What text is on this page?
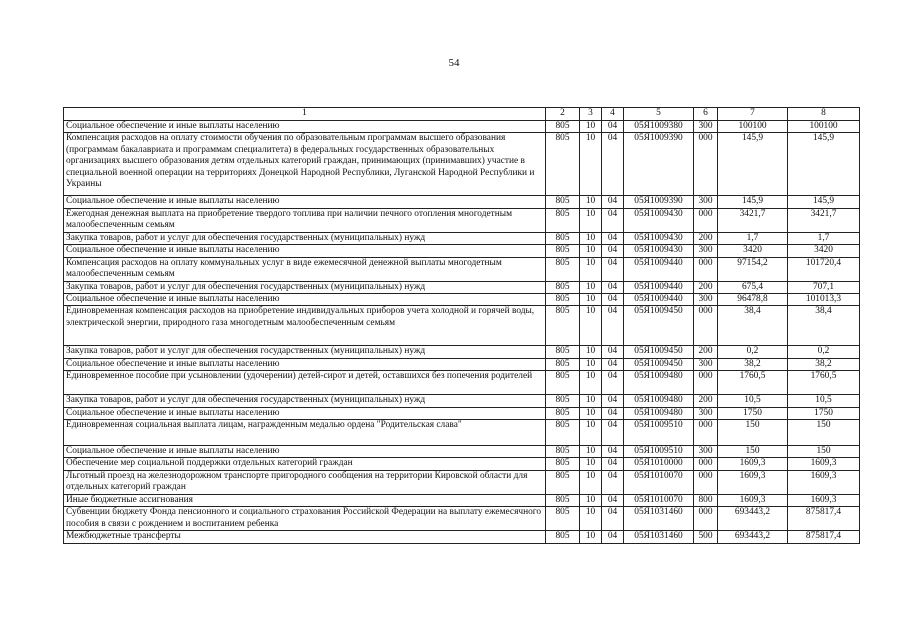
54
1	2	3	4	5	6	7	8
Социальное обеспечение и иные выплаты населению	805	10	04	05Я1009380	300	100100	100100
Компенсация расходов на оплату стоимости обучения по образовательным программам высшего образования (программам бакалавриата и программам специалитета) в федеральных государственных образовательных организациях высшего образования детям отдельных категорий граждан, принимающих (принимавших) участие в специальной военной операции на территориях Донецкой Народной Республики, Луганской Народной Республики и Украины	805	10	04	05Я1009390	000	145,9	145,9
Социальное обеспечение и иные выплаты населению	805	10	04	05Я1009390	300	145,9	145,9
Ежегодная денежная выплата на приобретение твердого топлива при наличии печного отопления многодетным малообеспеченным семьям	805	10	04	05Я1009430	000	3421,7	3421,7
Закупка товаров, работ и услуг для обеспечения государственных (муниципальных) нужд	805	10	04	05Я1009430	200	1,7	1,7
Социальное обеспечение и иные выплаты населению	805	10	04	05Я1009430	300	3420	3420
Компенсация расходов на оплату коммунальных услуг в виде ежемесячной денежной выплаты многодетным малообеспеченным семьям	805	10	04	05Я1009440	000	97154,2	101720,4
Закупка товаров, работ и услуг для обеспечения государственных (муниципальных) нужд	805	10	04	05Я1009440	200	675,4	707,1
Социальное обеспечение и иные выплаты населению	805	10	04	05Я1009440	300	96478,8	101013,3
Единовременная компенсация расходов на приобретение индивидуальных приборов учета холодной и горячей воды, электрической энергии, природного газа многодетным малообеспеченным семьям	805	10	04	05Я1009450	000	38,4	38,4
Закупка товаров, работ и услуг для обеспечения государственных (муниципальных) нужд	805	10	04	05Я1009450	200	0,2	0,2
Социальное обеспечение и иные выплаты населению	805	10	04	05Я1009450	300	38,2	38,2
Единовременное пособие при усыновлении (удочерении) детей-сирот и детей, оставшихся без попечения родителей	805	10	04	05Я1009480	000	1760,5	1760,5
Закупка товаров, работ и услуг для обеспечения государственных (муниципальных) нужд	805	10	04	05Я1009480	200	10,5	10,5
Социальное обеспечение и иные выплаты населению	805	10	04	05Я1009480	300	1750	1750
Единовременная социальная выплата лицам, награжденным медалью ордена "Родительская слава"	805	10	04	05Я1009510	000	150	150
Социальное обеспечение и иные выплаты населению	805	10	04	05Я1009510	300	150	150
Обеспечение мер социальной поддержки отдельных категорий граждан	805	10	04	05Я1010000	000	1609,3	1609,3
Льготный проезд на железнодорожном транспорте пригородного сообщения на территории Кировской области для отдельных категорий граждан	805	10	04	05Я1010070	000	1609,3	1609,3
Иные бюджетные ассигнования	805	10	04	05Я1010070	800	1609,3	1609,3
Субвенции бюджету Фонда пенсионного и социального страхования Российской Федерации на выплату ежемесячного пособия в связи с рождением и воспитанием ребенка	805	10	04	05Я1031460	000	693443,2	875817,4
Межбюджетные трансферты	805	10	04	05Я1031460	500	693443,2	875817,4
